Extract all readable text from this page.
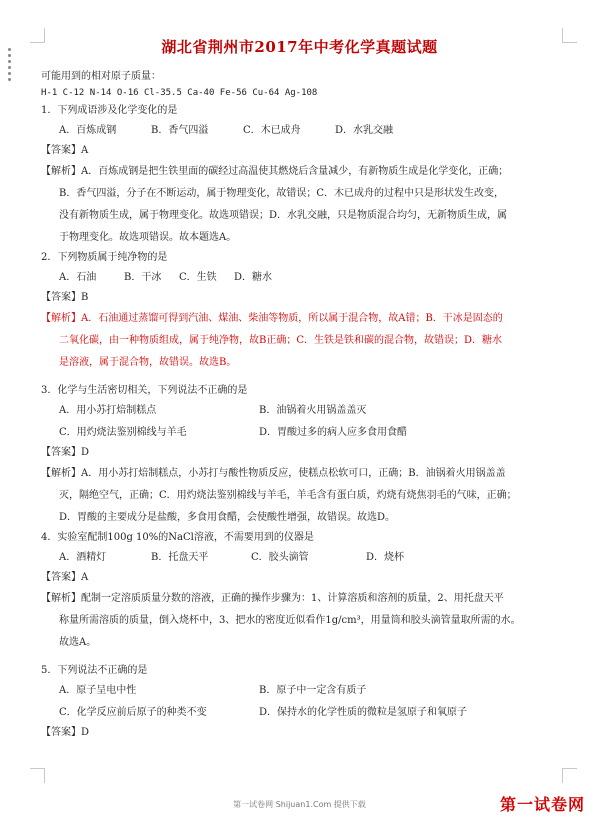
湖北省荆州市2017年中考化学真题试题
可能用到的相对原子质量：
H-1 C-12 N-14 O-16 Cl-35.5 Ca-40 Fe-56 Cu-64 Ag-108
1．下列成语涉及化学变化的是
A．百炼成钢	B．香气四溢	C．木已成舟	D．水乳交融
【答案】A
【解析】A．百炼成钢是把生铁里面的碳经过高温使其燃烧后含量减少，有新物质生成是化学变化，正确；
B．香气四溢，分子在不断运动，属于物理变化，故错误；C．木已成舟的过程中只是形状发生改变，
没有新物质生成，属于物理变化。故选项错误；D．水乳交融，只是物质混合均匀，无新物质生成，属
于物理变化。故选项错误。故本题选A。
2．下列物质属于纯净物的是
A．石油	B．干冰	C．生铁	D．糖水
【答案】B
【解析】A．石油通过蒸馏可得到汽油、煤油、柴油等物质，所以属于混合物，故A错；B．干冰是固态的
二氧化碳，由一种物质组成，属于纯净物，故B正确；C．生铁是铁和碳的混合物，故错误；D．糖水
是溶液，属于混合物，故错误。故选B。
3．化学与生活密切相关，下列说法不正确的是
A．用小苏打焙制糕点	B．油锅着火用锅盖盖灭
C．用灼烧法鉴别棉线与羊毛	D．胃酸过多的病人应多食用食醋
【答案】D
【解析】A．用小苏打焙制糕点，小苏打与酸性物质反应，使糕点松软可口，正确；B．油锅着火用锅盖盖
灭，隔绝空气，正确；C．用灼烧法鉴别棉线与羊毛，羊毛含有蛋白质，灼烧有烧焦羽毛的气味，正确；
D．胃酸的主要成分是盐酸，多食用食醋，会使酸性增强，故错误。故选D。
4．实验室配制100g 10%的NaCl溶液，不需要用到的仪器是
A．酒精灯	B．托盘天平	C．胶头滴管	D．烧杯
【答案】A
【解析】配制一定溶质质量分数的溶液，正确的操作步骤为：1、计算溶质和溶剂的质量，2、用托盘天平
称量所需溶质的质量，倒入烧杯中，3、把水的密度近似看作1g/cm³，用量筒和胶头滴管量取所需的水。
故选A。
5．下列说法不正确的是
A．原子呈电中性	B．原子中一定含有质子
C．化学反应前后原子的种类不变	D．保持水的化学性质的微粒是氢原子和氧原子
【答案】D
第一试卷网 Shijuan1.Com 提供下载	第一试卷网
